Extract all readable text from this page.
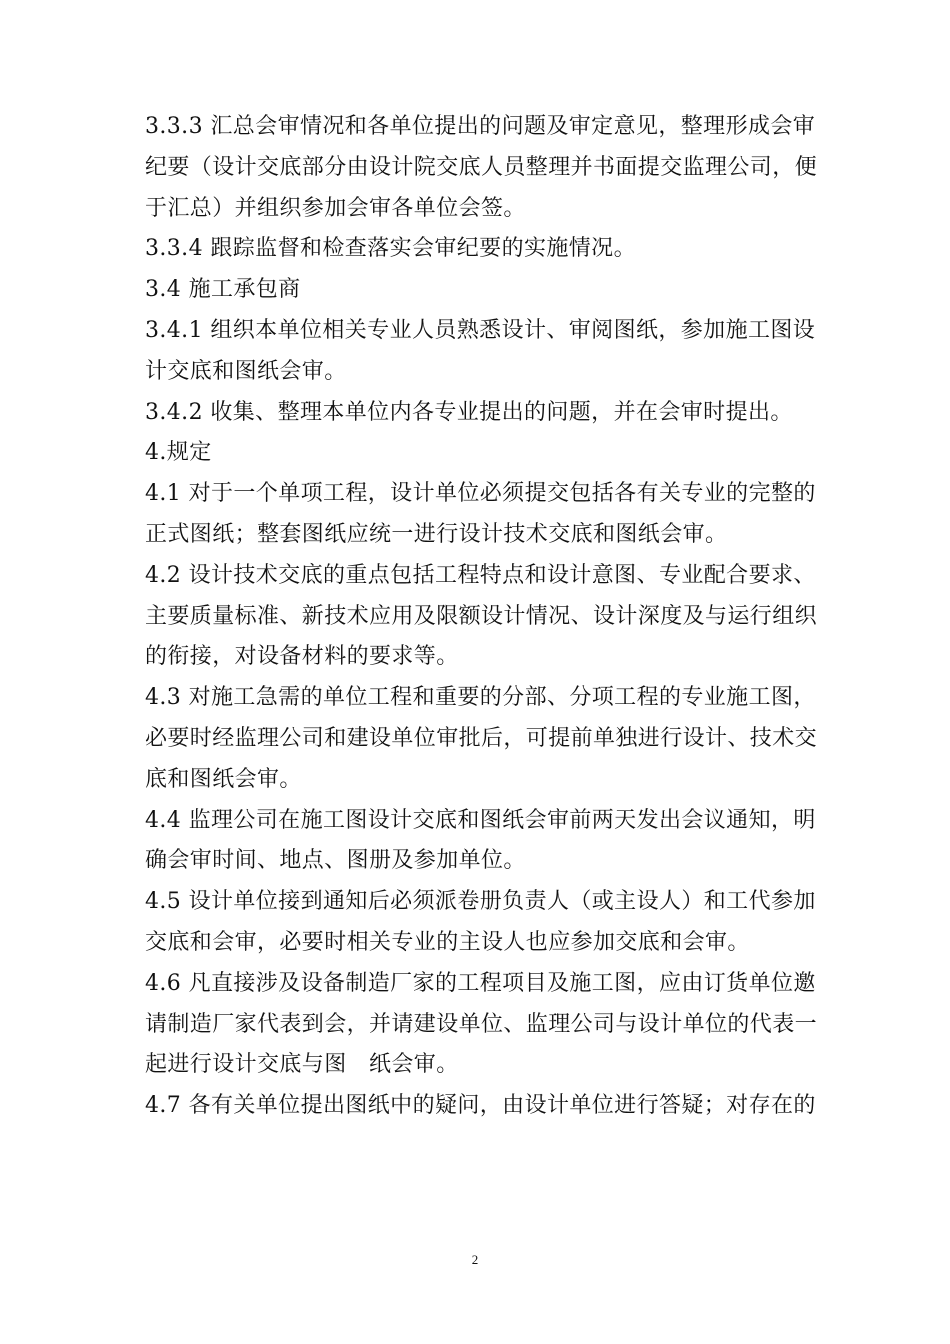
3.3.3 汇总会审情况和各单位提出的问题及审定意见，整理形成会审
纪要（设计交底部分由设计院交底人员整理并书面提交监理公司，便
于汇总）并组织参加会审各单位会签。
3.3.4 跟踪监督和检查落实会审纪要的实施情况。
3.4 施工承包商
3.4.1 组织本单位相关专业人员熟悉设计、审阅图纸，参加施工图设
计交底和图纸会审。
3.4.2 收集、整理本单位内各专业提出的问题，并在会审时提出。
4.规定
4.1 对于一个单项工程，设计单位必须提交包括各有关专业的完整的
正式图纸；整套图纸应统一进行设计技术交底和图纸会审。
4.2 设计技术交底的重点包括工程特点和设计意图、专业配合要求、
主要质量标准、新技术应用及限额设计情况、设计深度及与运行组织
的衔接，对设备材料的要求等。
4.3 对施工急需的单位工程和重要的分部、分项工程的专业施工图，
必要时经监理公司和建设单位审批后，可提前单独进行设计、技术交
底和图纸会审。
4.4 监理公司在施工图设计交底和图纸会审前两天发出会议通知，明
确会审时间、地点、图册及参加单位。
4.5 设计单位接到通知后必须派卷册负责人（或主设人）和工代参加
交底和会审，必要时相关专业的主设人也应参加交底和会审。
4.6 凡直接涉及设备制造厂家的工程项目及施工图，应由订货单位邀
请制造厂家代表到会，并请建设单位、监理公司与设计单位的代表一
起进行设计交底与图　纸会审。
4.7 各有关单位提出图纸中的疑问，由设计单位进行答疑；对存在的
2
